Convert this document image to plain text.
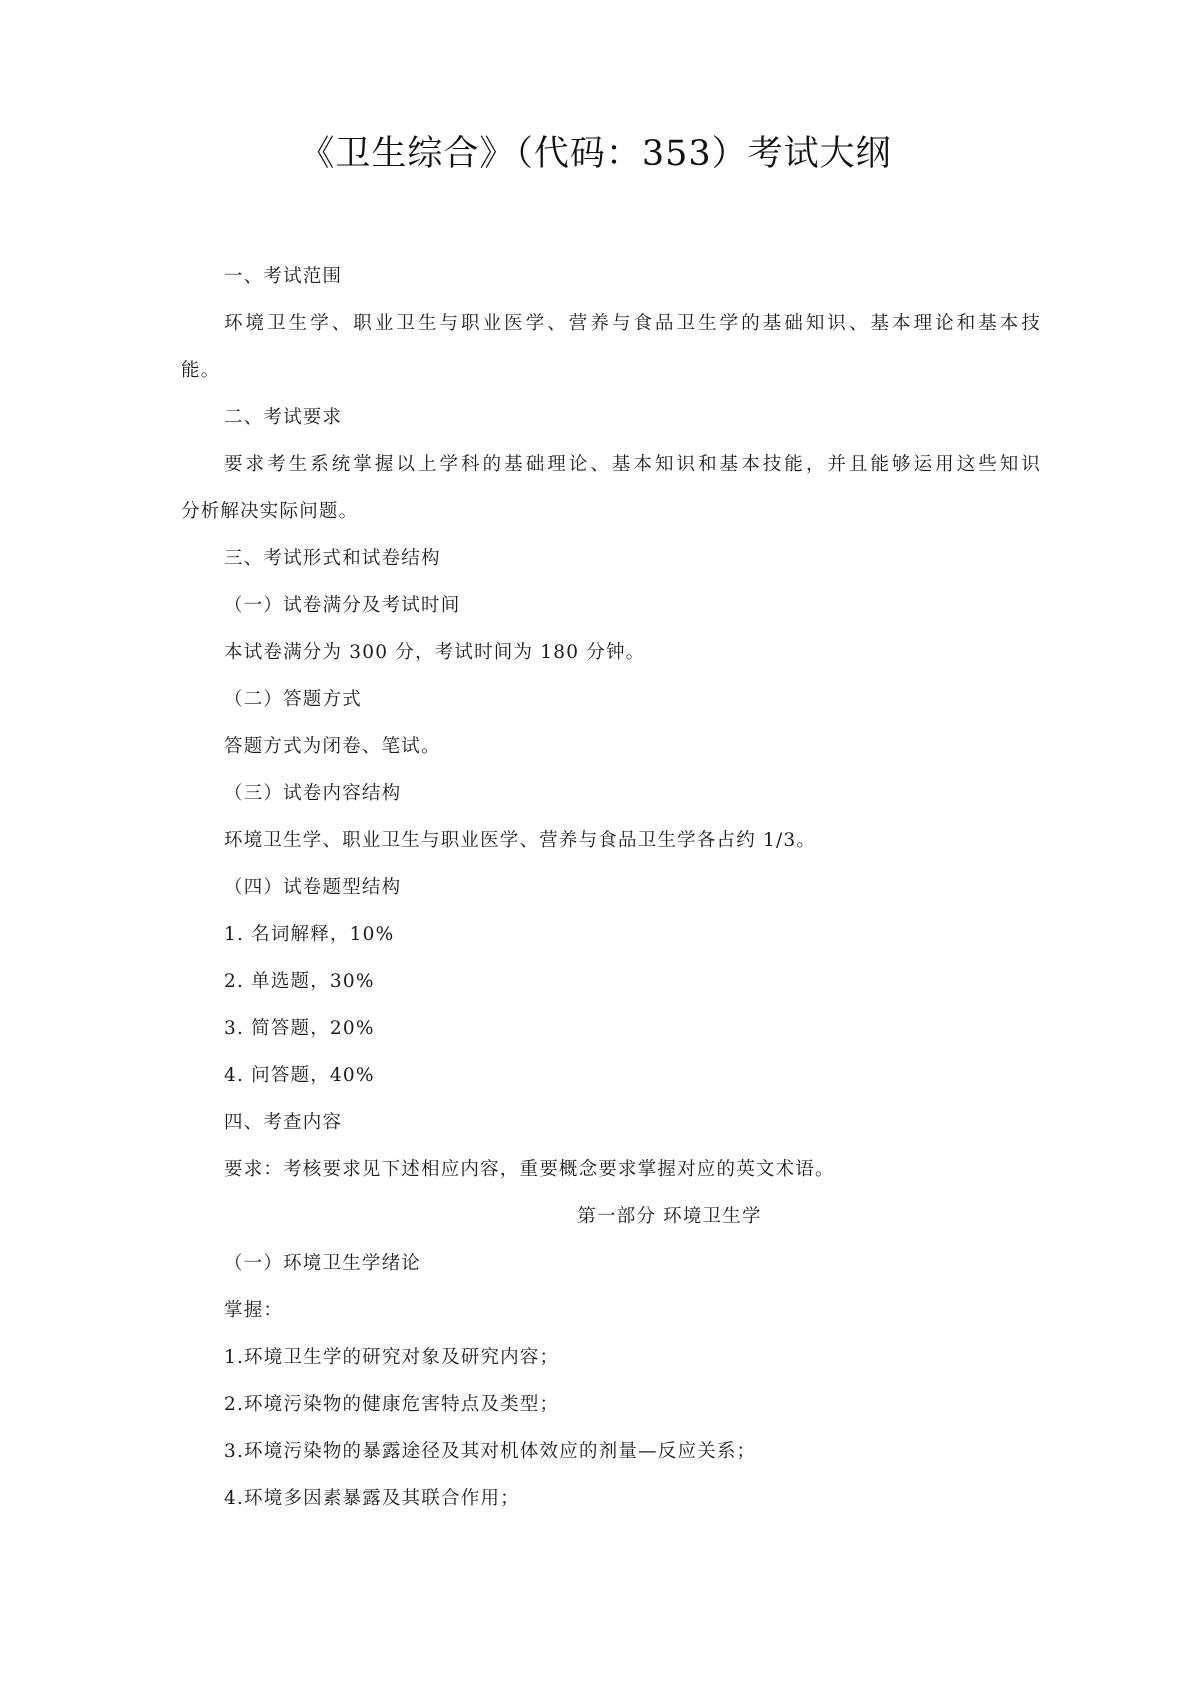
《卫生综合》（代码：353）考试大纲
一、考试范围
环境卫生学、职业卫生与职业医学、营养与食品卫生学的基础知识、基本理论和基本技
能。
二、考试要求
要求考生系统掌握以上学科的基础理论、基本知识和基本技能，并且能够运用这些知识
分析解决实际问题。
三、考试形式和试卷结构
（一）试卷满分及考试时间
本试卷满分为 300 分，考试时间为 180 分钟。
（二）答题方式
答题方式为闭卷、笔试。
（三）试卷内容结构
环境卫生学、职业卫生与职业医学、营养与食品卫生学各占约 1/3。
（四）试卷题型结构
1. 名词解释，10%
2. 单选题，30%
3. 简答题，20%
4. 问答题，40%
四、考查内容
要求：考核要求见下述相应内容，重要概念要求掌握对应的英文术语。
第一部分 环境卫生学
（一）环境卫生学绪论
掌握：
1.环境卫生学的研究对象及研究内容；
2.环境污染物的健康危害特点及类型；
3.环境污染物的暴露途径及其对机体效应的剂量—反应关系；
4.环境多因素暴露及其联合作用；
